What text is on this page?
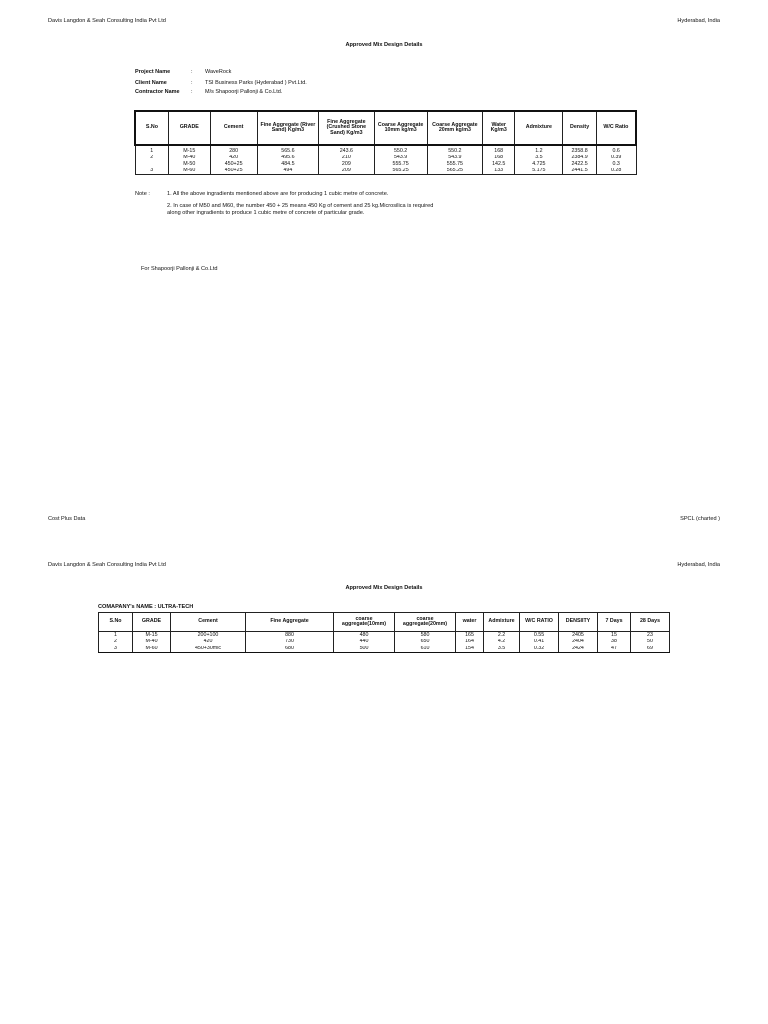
Davis Langdon & Seah Consulting India Pvt Ltd	Hyderabad, India
Approved Mix Design Details
Project Name	: WaveRock
Client Name	: TSI Business Parks (Hyderabad ) Pvt.Ltd.
Contractor Name : M/s Shapoorji Pallonji & Co.Ltd.
S.No	GRADE	Cement	Fine Aggregate (River Sand) Kg/m3	Fine Aggregate (Crushed Stone Sand) Kg/m3	Coarse Aggregate 10mm kg/m3	Coarse Aggregate 20mm kg/m3	Water Kg/m3	Admixture	Density	W/C Ratio

1	M-15	280	565.6	243.6	550.2	550.2	168	1.2	2358.8	0.6
2	M-40	420	495.6	210	543.9	543.9	168	3.5	2384.9	0.39
	M-50	450+25	484.5	209	555.75	555.75	142.5	4.725	2422.5	0.3
3	M-60	450+25	494	209	565.25	565.25	133	5.175	2441.5	0.28
Note :	1. All the above ingradients mentioned above are for producing 1 cubic metre of concrete.
2. In case of M50 and M60, the number 450 + 25 means 450 Kg of cement and 25 kg.Microsilica is required
along other ingradients to produce 1 cubic metre of concrete of particular grade.
For Shapoorji Pallonji & Co.Ltd
Cost Plus Data	SPCL (charted )
Davis Langdon & Seah Consulting India Pvt Ltd	Hyderabad, India
Approved Mix Design Details
COMAPANY's NAME : ULTRA-TECH
S.No	GRADE	Cement	Fine Aggregate	coarse aggregate(10mm)	coarse aggregate(20mm)	water	Admixture	W/C RATIO	DENSIITY	7 Days	28 Days
1	M-15	200+100	880	480	580	165	2.2	0.55	2405	15	23
2	M-40	420	730	440	650	164	4.2	0.41	2404	38	50
3	M-60	450+30mic	680	500	610	154	3.5	0.32	2424	47	69
